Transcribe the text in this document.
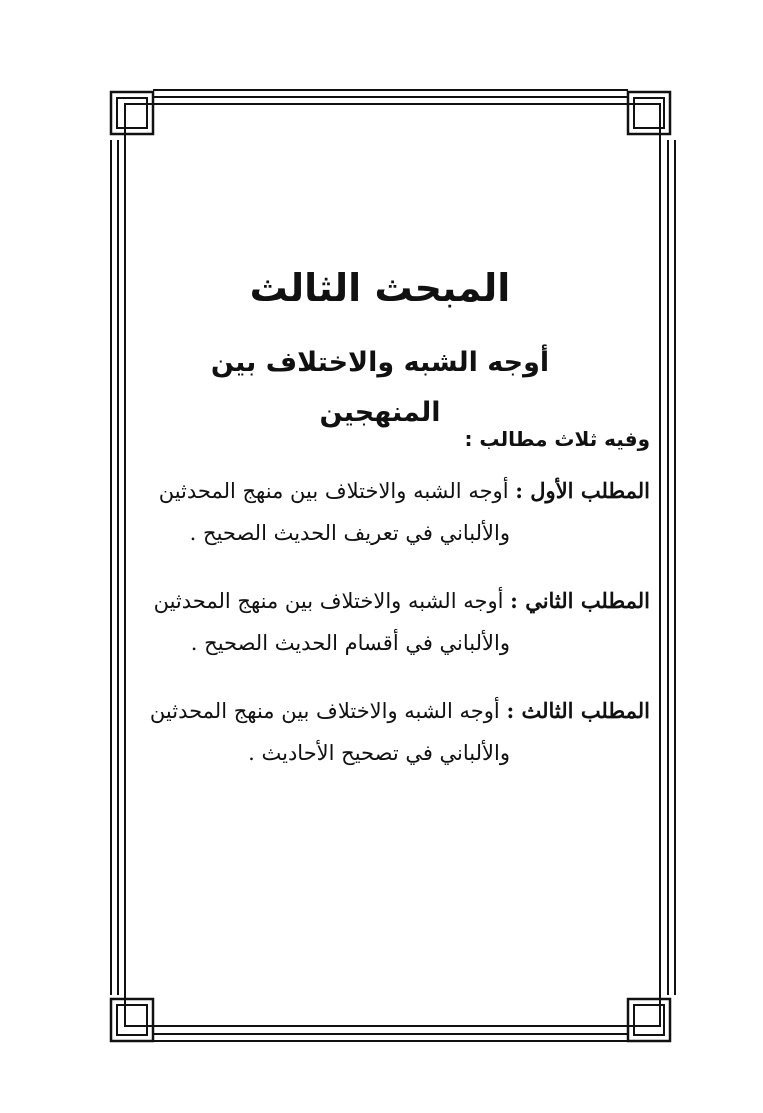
المبحث الثالث
أوجه الشبه والاختلاف بين المنهجين
وفيه ثلاث مطالب :
المطلب الأول : أوجه الشبه والاختلاف بين منهج المحدثين
والألباني في تعريف الحديث الصحيح .
المطلب الثاني : أوجه الشبه والاختلاف بين منهج المحدثين
والألباني في أقسام الحديث الصحيح .
المطلب الثالث : أوجه الشبه والاختلاف بين منهج المحدثين
والألباني في تصحيح الأحاديث .
